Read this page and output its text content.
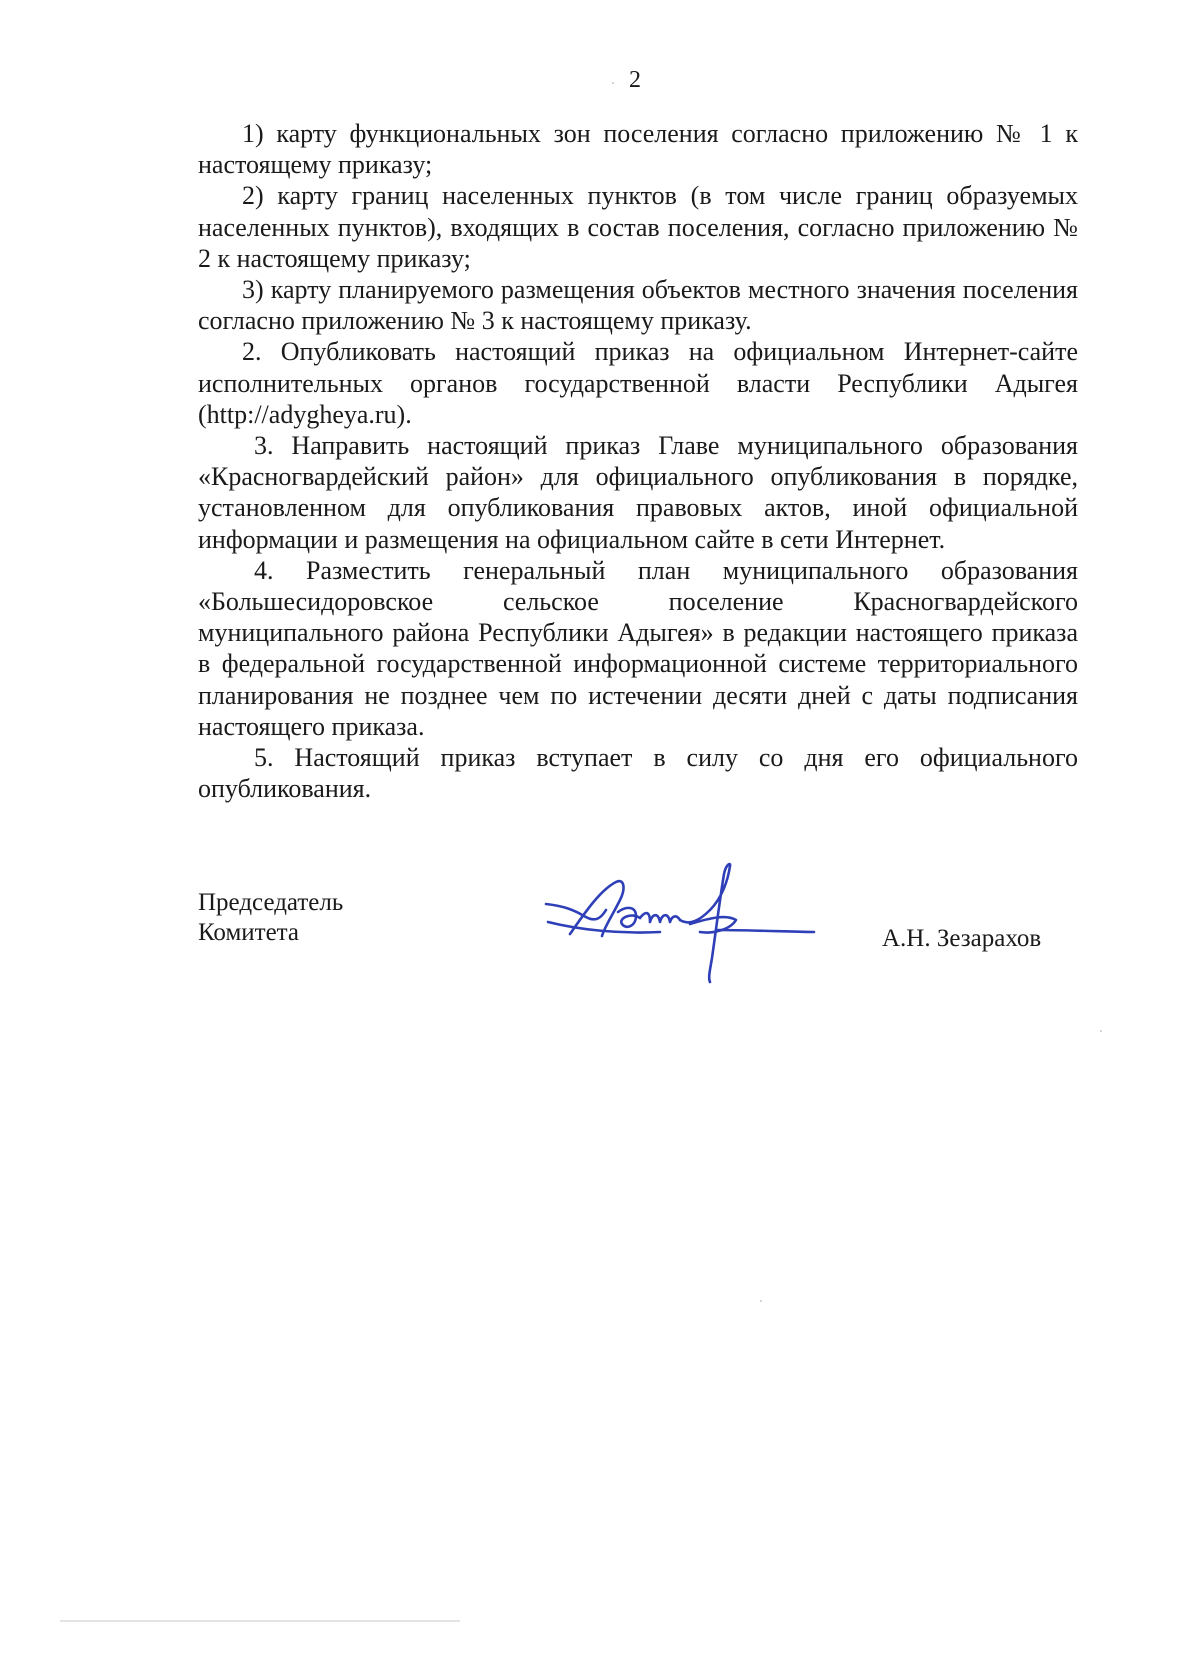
2

1) карту функциональных зон поселения согласно приложению № 1 к настоящему приказу;

2) карту границ населенных пунктов (в том числе границ образуемых населенных пунктов), входящих в состав поселения, согласно приложению № 2 к настоящему приказу;

3) карту планируемого размещения объектов местного значения поселения согласно приложению № 3 к настоящему приказу.

2. Опубликовать настоящий приказ на официальном Интернет-сайте исполнительных органов государственной власти Республики Адыгея (http://adygheya.ru).

3. Направить настоящий приказ Главе муниципального образования «Красногвардейский район» для официального опубликования в порядке, установленном для опубликования правовых актов, иной официальной информации и размещения на официальном сайте в сети Интернет.

4. Разместить генеральный план муниципального образования «Большесидоровское сельское поселение Красногвардейского муниципального района Республики Адыгея» в редакции настоящего приказа в федеральной государственной информационной системе территориального планирования не позднее чем по истечении десяти дней с даты подписания настоящего приказа.

5. Настоящий приказ вступает в силу со дня его официального опубликования.

Председатель
Комитета	А.Н. Зезарахов
